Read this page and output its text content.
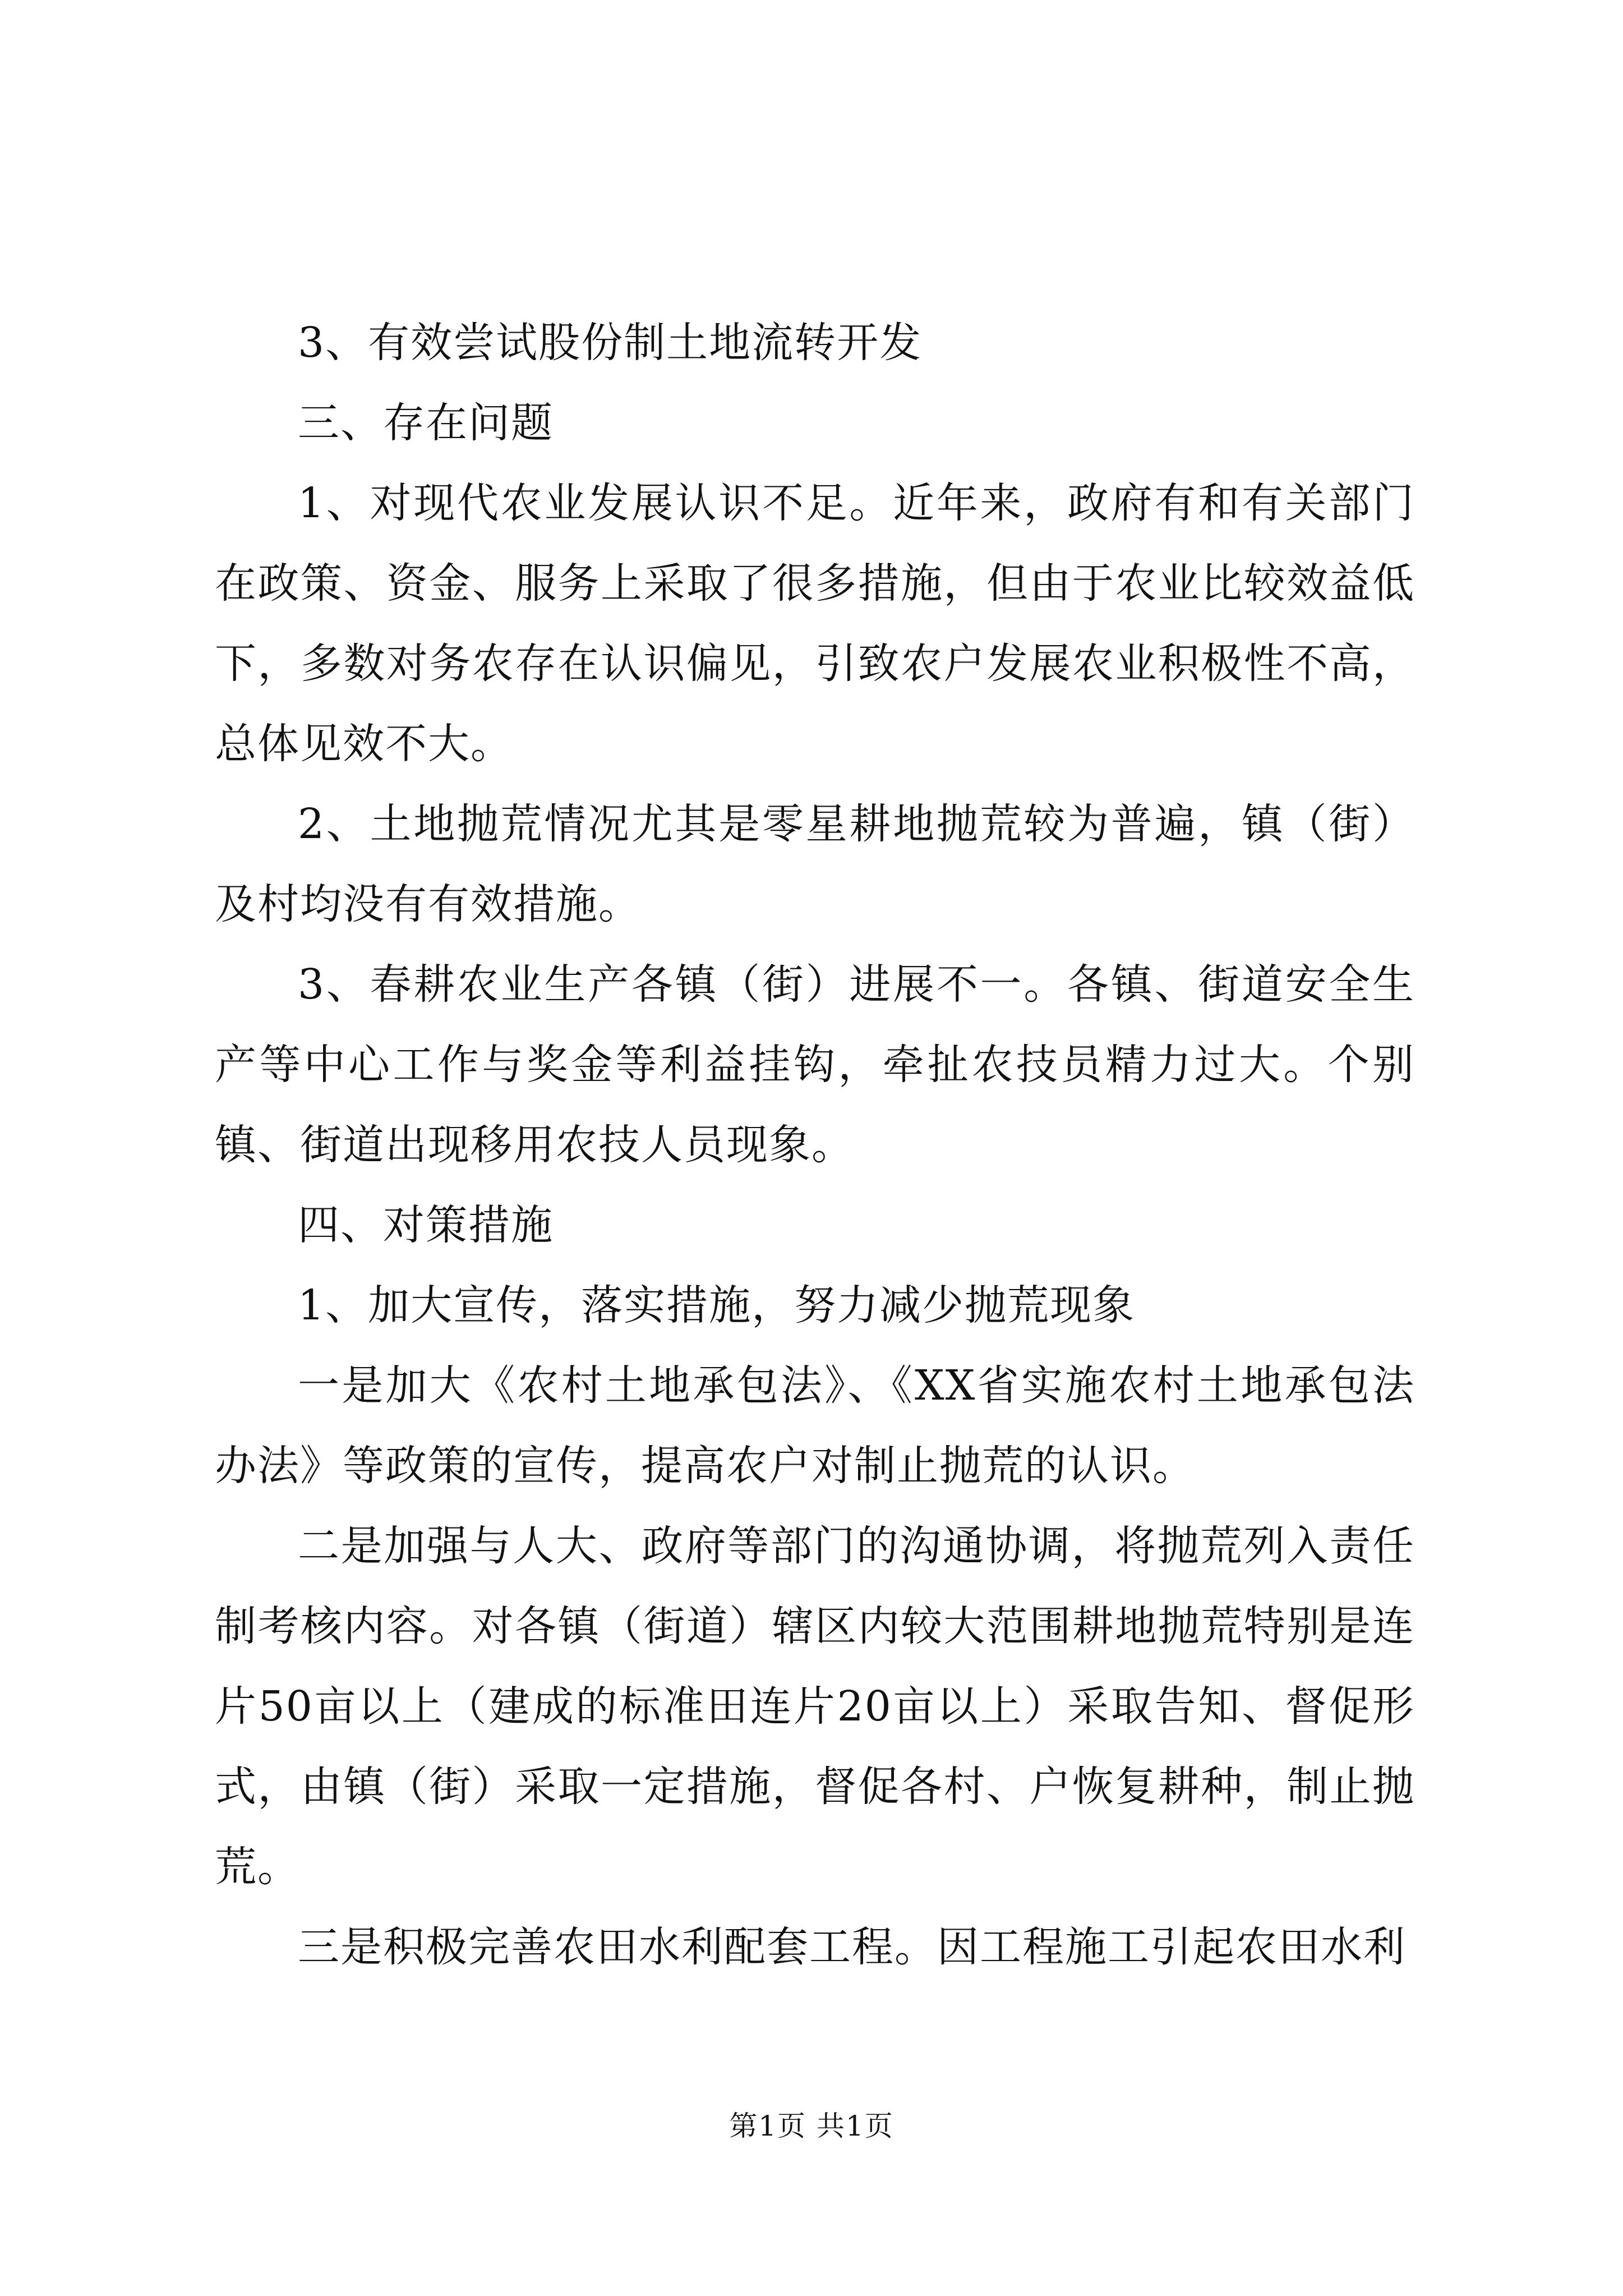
3、有效尝试股份制土地流转开发

三、存在问题

1、对现代农业发展认识不足。近年来，政府有和有关部门在政策、资金、服务上采取了很多措施，但由于农业比较效益低下，多数对务农存在认识偏见，引致农户发展农业积极性不高，总体见效不大。

2、土地抛荒情况尤其是零星耕地抛荒较为普遍，镇（街）及村均没有有效措施。

3、春耕农业生产各镇（街）进展不一。各镇、街道安全生产等中心工作与奖金等利益挂钩，牵扯农技员精力过大。个别镇、街道出现移用农技人员现象。

四、对策措施

1、加大宣传，落实措施，努力减少抛荒现象

一是加大《农村土地承包法》、《XX省实施农村土地承包法办法》等政策的宣传，提高农户对制止抛荒的认识。

二是加强与人大、政府等部门的沟通协调，将抛荒列入责任制考核内容。对各镇（街道）辖区内较大范围耕地抛荒特别是连片50亩以上（建成的标准田连片20亩以上）采取告知、督促形式，由镇（街）采取一定措施，督促各村、户恢复耕种，制止抛荒。

三是积极完善农田水利配套工程。因工程施工引起农田水利

第1页 共1页
